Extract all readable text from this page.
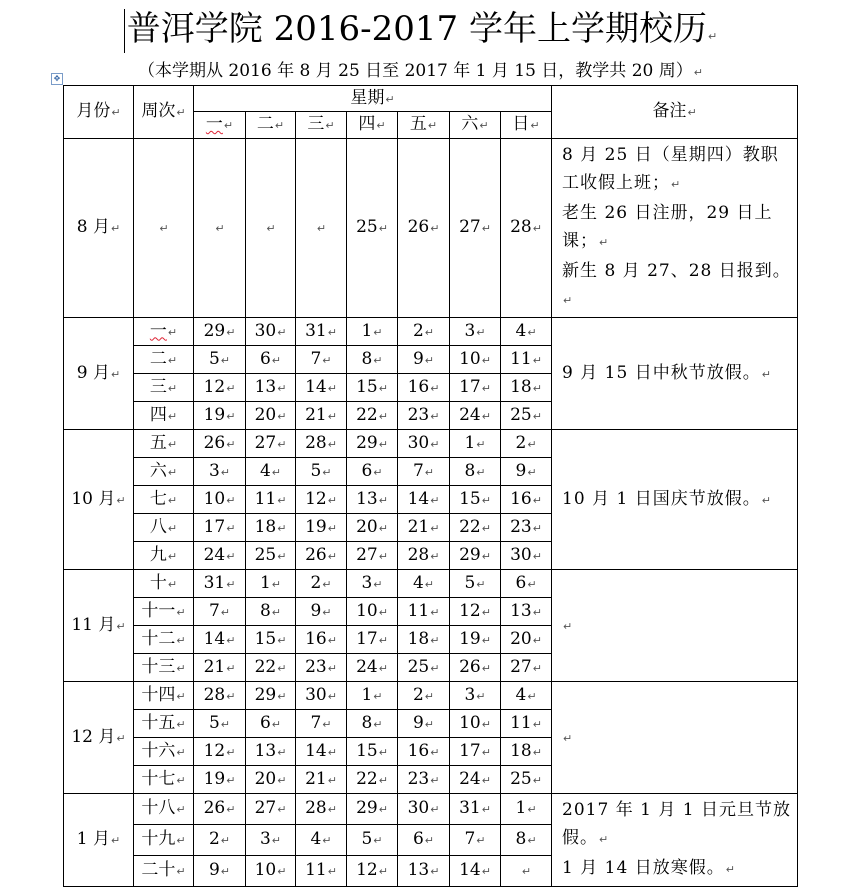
普洱学院 2016-2017 学年上学期校历↵
（本学期从 2016 年 8 月 25 日至 2017 年 1 月 15 日，教学共 20 周）↵
✥
月份↵	周次↵	星期↵							备注↵
		一↵	二↵	三↵	四↵	五↵	六↵	日↵	
8 月↵	↵	↵	↵	↵	25↵	26↵	27↵	28↵	8 月 25 日（星期四）教职工收假上班；↵
老生 26 日注册，29 日上课；↵
新生 8 月 27、28 日报到。↵
9 月↵	一↵	29↵	30↵	31↵	1↵	2↵	3↵	4↵	9 月 15 日中秋节放假。↵
	二↵	5↵	6↵	7↵	8↵	9↵	10↵	11↵	
	三↵	12↵	13↵	14↵	15↵	16↵	17↵	18↵	
	四↵	19↵	20↵	21↵	22↵	23↵	24↵	25↵	
10 月↵	五↵	26↵	27↵	28↵	29↵	30↵	1↵	2↵	10 月 1 日国庆节放假。↵
	六↵	3↵	4↵	5↵	6↵	7↵	8↵	9↵	
	七↵	10↵	11↵	12↵	13↵	14↵	15↵	16↵	
	八↵	17↵	18↵	19↵	20↵	21↵	22↵	23↵	
	九↵	24↵	25↵	26↵	27↵	28↵	29↵	30↵	
11 月↵	十↵	31↵	1↵	2↵	3↵	4↵	5↵	6↵	↵
	十一↵	7↵	8↵	9↵	10↵	11↵	12↵	13↵	
	十二↵	14↵	15↵	16↵	17↵	18↵	19↵	20↵	
	十三↵	21↵	22↵	23↵	24↵	25↵	26↵	27↵	
12 月↵	十四↵	28↵	29↵	30↵	1↵	2↵	3↵	4↵	↵
	十五↵	5↵	6↵	7↵	8↵	9↵	10↵	11↵	
	十六↵	12↵	13↵	14↵	15↵	16↵	17↵	18↵	
	十七↵	19↵	20↵	21↵	22↵	23↵	24↵	25↵	
1 月↵	十八↵	26↵	27↵	28↵	29↵	30↵	31↵	1↵	2017 年 1 月 1 日元旦节放假。↵
1 月 14 日放寒假。↵
	十九↵	2↵	3↵	4↵	5↵	6↵	7↵	8↵	
	二十↵	9↵	10↵	11↵	12↵	13↵	14↵	↵	
